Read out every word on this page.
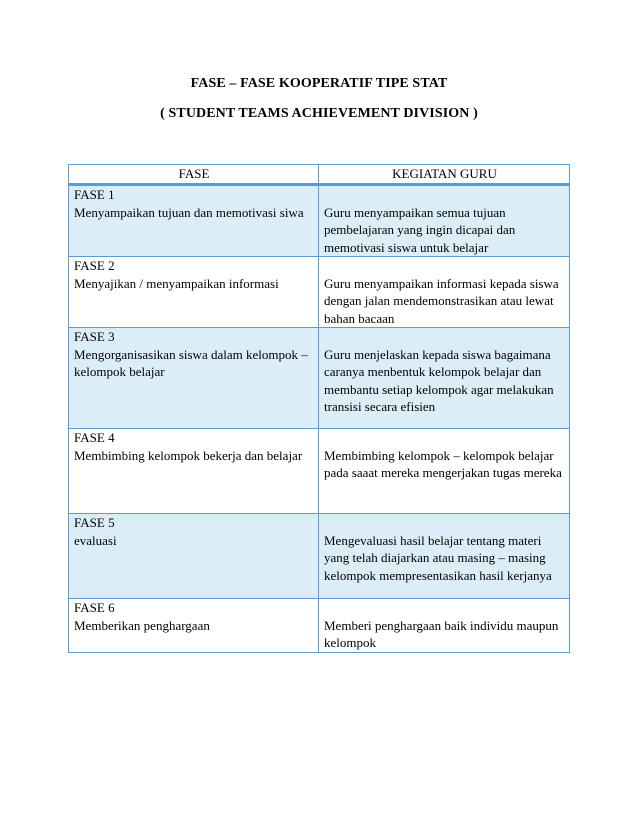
FASE – FASE KOOPERATIF TIPE STAT
( STUDENT TEAMS ACHIEVEMENT DIVISION )
FASE	KEGIATAN GURU

FASE 1
Menyampaikan tujuan dan memotivasi siwa	Guru menyampaikan semua tujuan pembelajaran yang ingin dicapai dan memotivasi siswa untuk belajar

FASE 2
Menyajikan / menyampaikan informasi	Guru menyampaikan informasi kepada siswa dengan jalan mendemonstrasikan atau lewat bahan bacaan

FASE 3
Mengorganisasikan siswa dalam kelompok – kelompok belajar	Guru menjelaskan kepada siswa bagaimana caranya menbentuk kelompok belajar dan membantu setiap kelompok agar melakukan transisi secara efisien

FASE 4
Membimbing kelompok bekerja dan belajar	Membimbing kelompok – kelompok belajar pada saaat mereka mengerjakan tugas mereka

FASE 5
evaluasi	Mengevaluasi hasil belajar tentang materi yang telah diajarkan atau masing – masing kelompok mempresentasikan hasil kerjanya

FASE 6
Memberikan penghargaan	Memberi penghargaan baik individu maupun kelompok
